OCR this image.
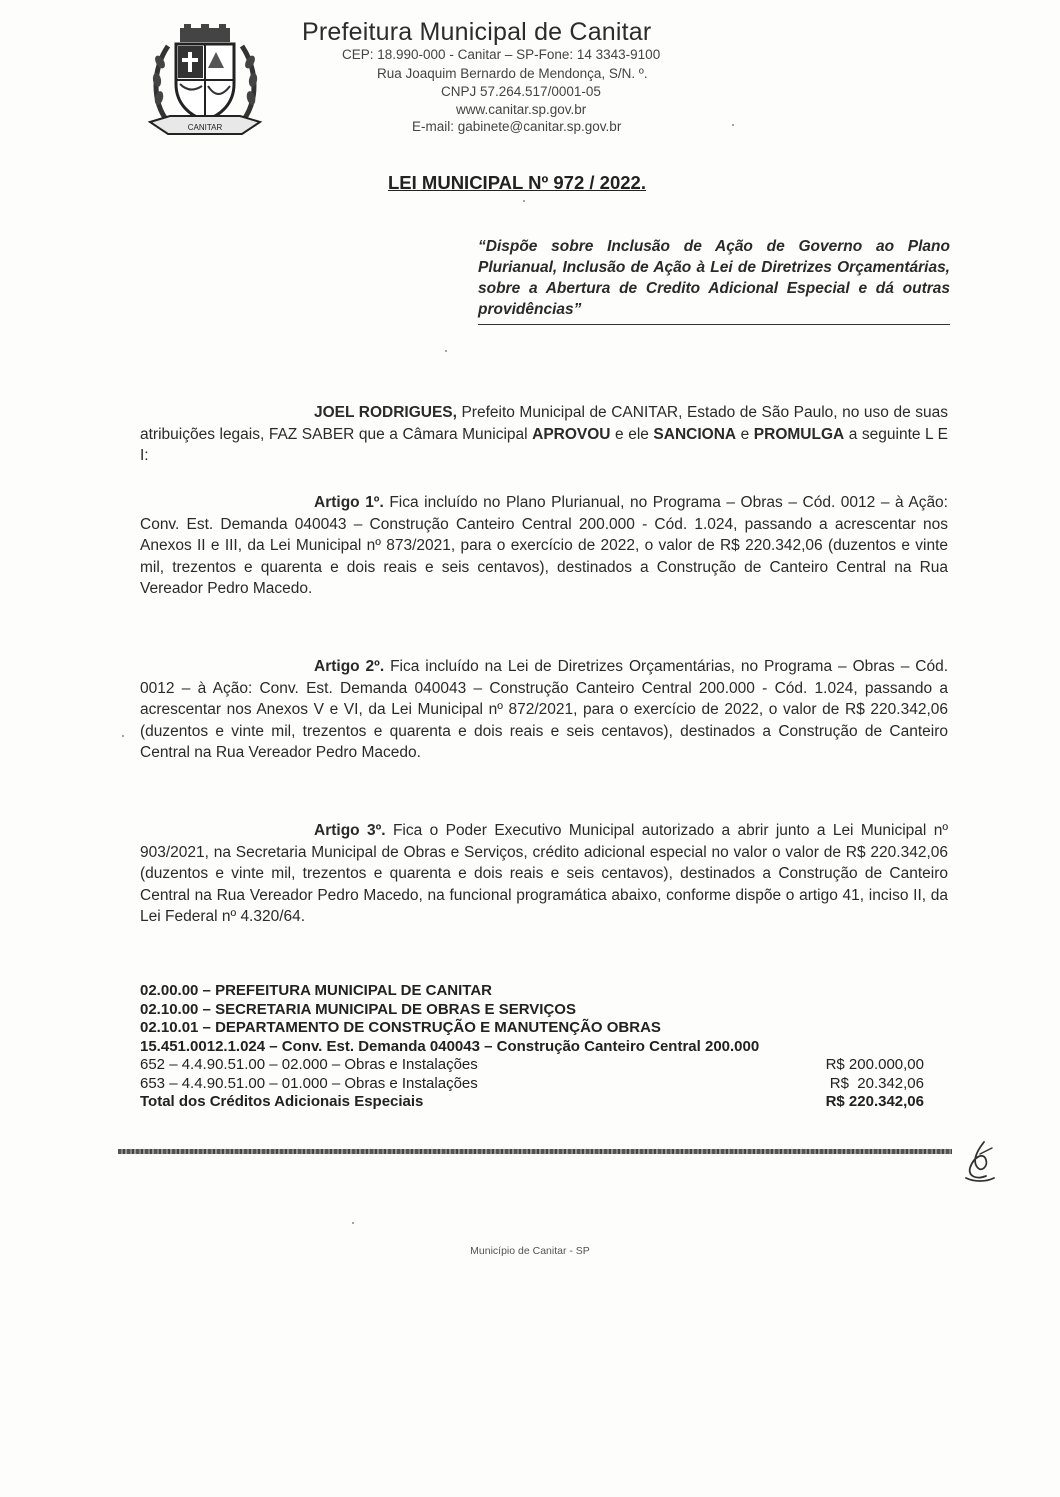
CANITAR
Prefeitura Municipal de Canitar
CEP: 18.990-000 - Canitar – SP-Fone: 14 3343-9100
Rua Joaquim Bernardo de Mendonça, S/N. º.
CNPJ 57.264.517/0001-05
www.canitar.sp.gov.br
E-mail: gabinete@canitar.sp.gov.br
LEI MUNICIPAL Nº 972 / 2022.
“Dispõe sobre Inclusão de Ação de Governo ao Plano Plurianual, Inclusão de Ação à Lei de Diretrizes Orçamentárias, sobre a Abertura de Credito Adicional Especial e dá outras providências”
JOEL RODRIGUES, Prefeito Municipal de CANITAR, Estado de São Paulo, no uso de suas atribuições legais, FAZ SABER que a Câmara Municipal APROVOU e ele SANCIONA e PROMULGA a seguinte L E I:
Artigo 1º. Fica incluído no Plano Plurianual, no Programa – Obras – Cód. 0012 – à Ação: Conv. Est. Demanda 040043 – Construção Canteiro Central 200.000 - Cód. 1.024, passando a acrescentar nos Anexos II e III, da Lei Municipal nº 873/2021, para o exercício de 2022, o valor de R$ 220.342,06 (duzentos e vinte mil, trezentos e quarenta e dois reais e seis centavos), destinados a Construção de Canteiro Central na Rua Vereador Pedro Macedo.
Artigo 2º. Fica incluído na Lei de Diretrizes Orçamentárias, no Programa – Obras – Cód. 0012 – à Ação: Conv. Est. Demanda 040043 – Construção Canteiro Central 200.000 - Cód. 1.024, passando a acrescentar nos Anexos V e VI, da Lei Municipal nº 872/2021, para o exercício de 2022, o valor de R$ 220.342,06 (duzentos e vinte mil, trezentos e quarenta e dois reais e seis centavos), destinados a Construção de Canteiro Central na Rua Vereador Pedro Macedo.
Artigo 3º. Fica o Poder Executivo Municipal autorizado a abrir junto a Lei Municipal nº 903/2021, na Secretaria Municipal de Obras e Serviços, crédito adicional especial no valor o valor de R$ 220.342,06 (duzentos e vinte mil, trezentos e quarenta e dois reais e seis centavos), destinados a Construção de Canteiro Central na Rua Vereador Pedro Macedo, na funcional programática abaixo, conforme dispõe o artigo 41, inciso II, da Lei Federal nº 4.320/64.
02.00.00 – PREFEITURA MUNICIPAL DE CANITAR
02.10.00 – SECRETARIA MUNICIPAL DE OBRAS E SERVIÇOS
02.10.01 – DEPARTAMENTO DE CONSTRUÇÃO E MANUTENÇÃO OBRAS
15.451.0012.1.024 – Conv. Est. Demanda 040043 – Construção Canteiro Central 200.000
652 – 4.4.90.51.00 – 02.000 – Obras e Instalações	R$ 200.000,00
653 – 4.4.90.51.00 – 01.000 – Obras e Instalações	R$  20.342,06
Total dos Créditos Adicionais Especiais	R$ 220.342,06
Município de Canitar - SP
